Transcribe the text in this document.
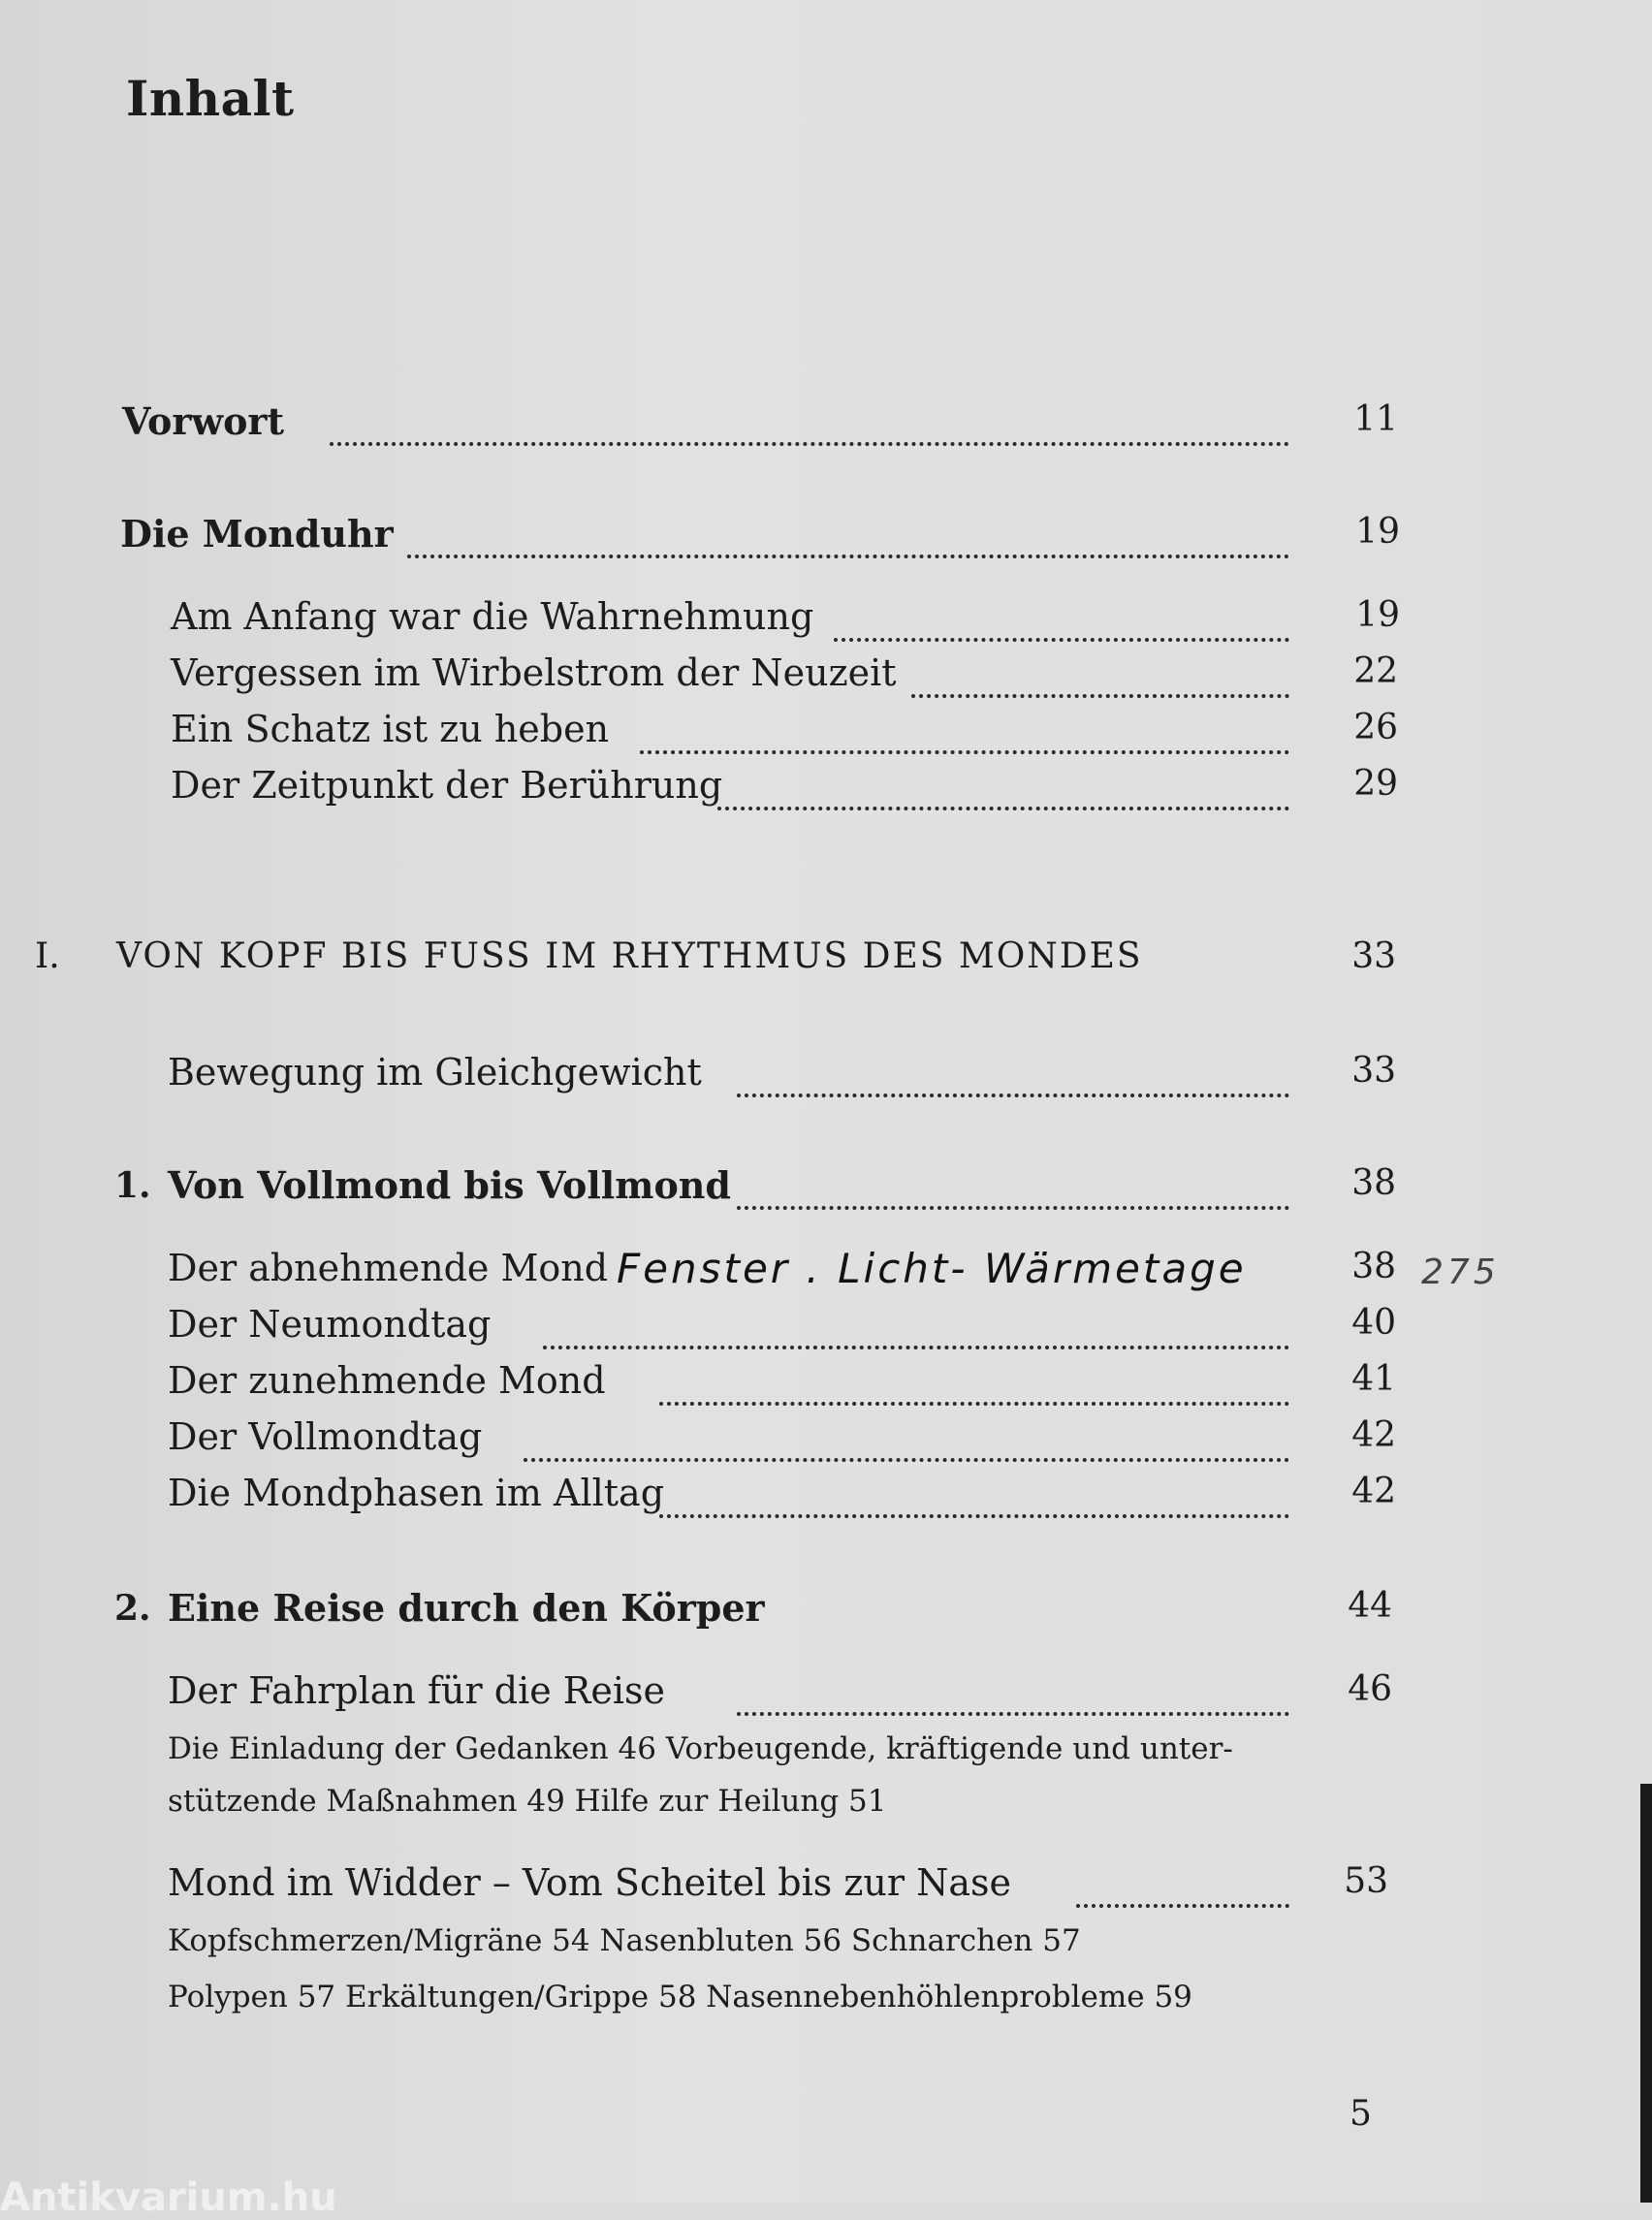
Inhalt
Vorwort	11
Die Monduhr	19
Am Anfang war die Wahrnehmung	19
Vergessen im Wirbelstrom der Neuzeit	22
Ein Schatz ist zu heben	26
Der Zeitpunkt der Berührung	29
I. VON KOPF BIS FUSS IM RHYTHMUS DES MONDES	33
Bewegung im Gleichgewicht	33
1. Von Vollmond bis Vollmond	38
Der abnehmende Mond	38
Der Neumondtag	40
Der zunehmende Mond	41
Der Vollmondtag	42
Die Mondphasen im Alltag	42
2. Eine Reise durch den Körper	44
Der Fahrplan für die Reise	46
Die Einladung der Gedanken 46 Vorbeugende, kräftigende und unter-
stützende Maßnahmen 49 Hilfe zur Heilung 51
Mond im Widder – Vom Scheitel bis zur Nase	53
Kopfschmerzen/Migräne 54 Nasenbluten 56 Schnarchen 57
Polypen 57 Erkältungen/Grippe 58 Nasennebenhöhlenprobleme 59
Fenster . Licht- Wärmetage	275
5
Antikvarium.hu
